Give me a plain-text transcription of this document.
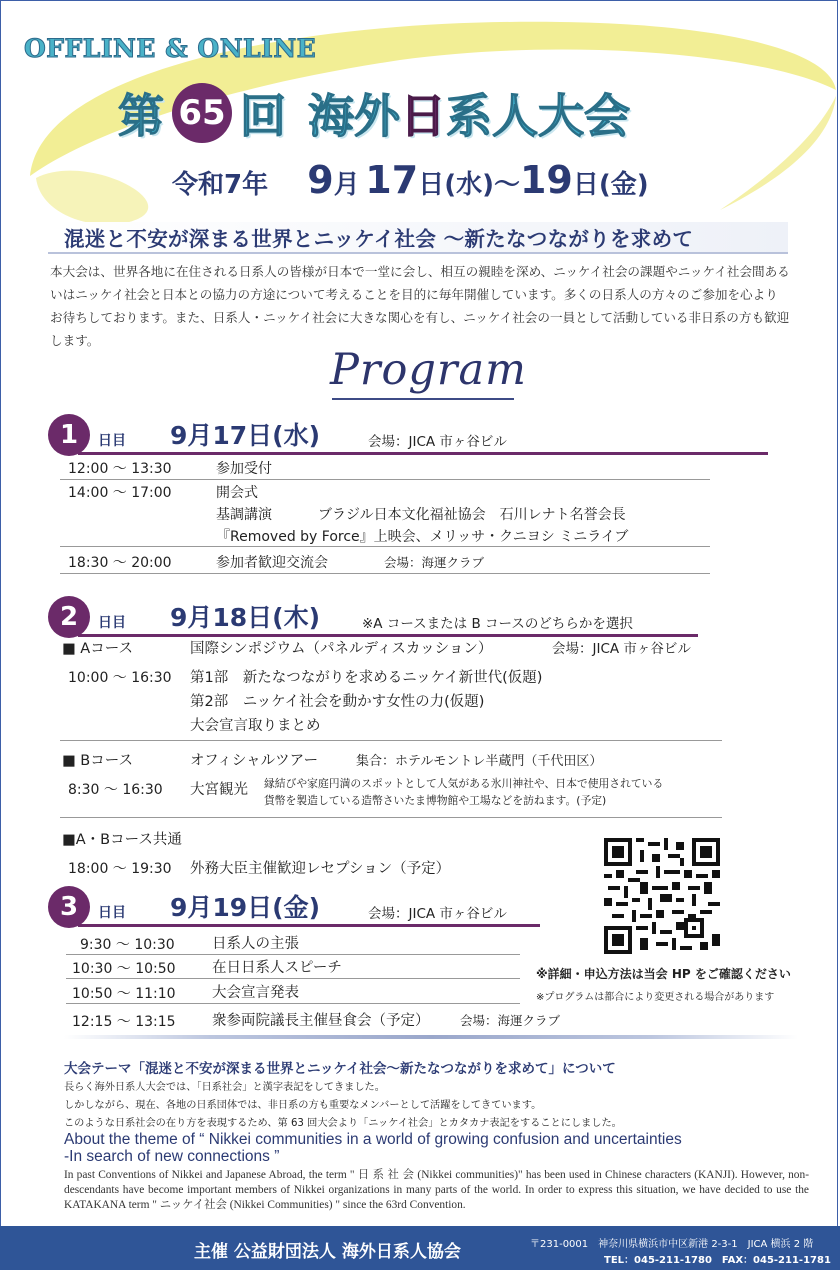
OFFLINE & ONLINE
第 65 回 海外 日 系人大会
令和7年 9月 17日(水)～19日(金)
混迷と不安が深まる世界とニッケイ社会 ～新たなつながりを求めて
本大会は、世界各地に在住される日系人の皆様が日本で一堂に会し、相互の親睦を深め、ニッケイ社会の課題やニッケイ社会間あるいはニッケイ社会と日本との協力の方途について考えることを目的に毎年開催しています。多くの日系人の方々のご参加を心よりお待ちしております。また、日系人・ニッケイ社会に大きな関心を有し、ニッケイ社会の一員として活動している非日系の方も歓迎します。
Program
1	日目 9月17日(水)	会場：JICA 市ヶ谷ビル
12:00 ～ 13:30	参加受付
14:00 ～ 17:00	開会式
基調講演	ブラジル日本文化福祉協会　石川レナト名誉会長
『Removed by Force』上映会、メリッサ・クニヨシ ミニライブ
18:30 ～ 20:00	参加者歓迎交流会	会場：海運クラブ
2	日目 9月18日(木)	※A コースまたは B コースのどちらかを選択
■ Aコース	国際シンポジウム（パネルディスカッション）	会場：JICA 市ヶ谷ビル
10:00 ～ 16:30 第1部　新たなつながりを求めるニッケイ新世代(仮題)
第2部　ニッケイ社会を動かす女性の力(仮題)
大会宣言取りまとめ
■ Bコース	オフィシャルツアー	集合：ホテルモントレ半蔵門（千代田区）
8:30 ～ 16:30 大宮観光 縁結びや家庭円満のスポットとして人気がある氷川神社や、日本で使用されている
貨幣を製造している造幣さいたま博物館や工場などを訪ねます。(予定)
■A・Bコース共通
18:00 ～ 19:30 外務大臣主催歓迎レセプション（予定）
3	日目 9月19日(金)	会場：JICA 市ヶ谷ビル
9:30 ～ 10:30	日系人の主張
10:30 ～ 10:50	在日日系人スピーチ
10:50 ～ 11:10	大会宣言発表
12:15 ～ 13:15	衆参両院議長主催昼食会（予定） 会場：海運クラブ
※詳細・申込方法は当会 HP をご確認ください
※プログラムは都合により変更される場合があります
大会テーマ「混迷と不安が深まる世界とニッケイ社会～新たなつながりを求めて」について
長らく海外日系人大会では、「日系社会」と漢字表記をしてきました。
しかしながら、現在、各地の日系団体では、非日系の方も重要なメンバーとして活躍をしてきています。
このような日系社会の在り方を表現するため、第 63 回大会より「ニッケイ社会」とカタカナ表記をすることにしました。
About the theme of “ Nikkei communities in a world of growing confusion and uncertainties
-In search of new connections ”
In past Conventions of Nikkei and Japanese Abroad, the term " 日 系 社 会 (Nikkei communities)" has been used in Chinese characters (KANJI). However, non-descendants have become important members of Nikkei organizations in many parts of the world. In order to express this situation, we have decided to use the KATAKANA term " ニッケイ社会 (Nikkei Communities) " since the 63rd Convention.
主催 公益財団法人 海外日系人協会	〒231-0001　神奈川県横浜市中区新港 2-3-1　JICA 横浜 2 階
TEL：045-211-1780　FAX：045-211-1781
